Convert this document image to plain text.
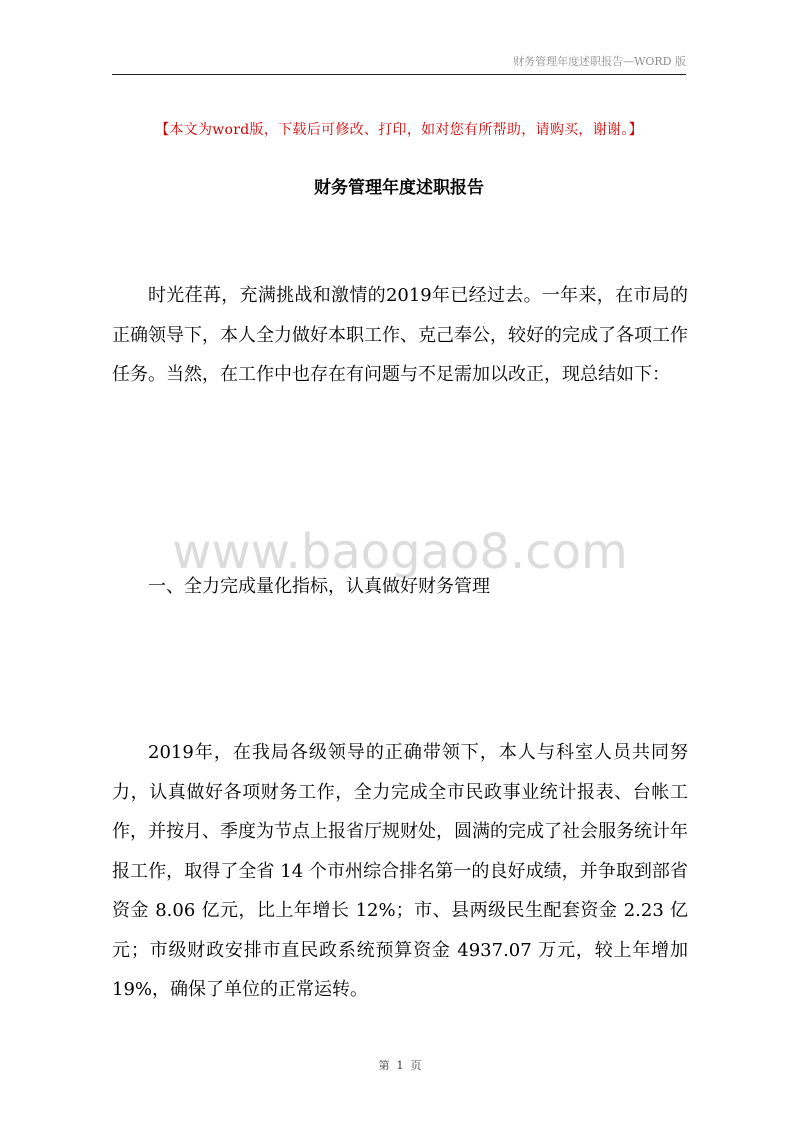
财务管理年度述职报告—WORD 版
【本文为word版，下载后可修改、打印，如对您有所帮助，请购买，谢谢。】
财务管理年度述职报告

时光荏苒，充满挑战和激情的2019年已经过去。一年来，在市局的正确领导下，本人全力做好本职工作、克己奉公，较好的完成了各项工作任务。当然，在工作中也存在有问题与不足需加以改正，现总结如下：

www.baogao8.com

一、全力完成量化指标，认真做好财务管理

2019年，在我局各级领导的正确带领下，本人与科室人员共同努力，认真做好各项财务工作，全力完成全市民政事业统计报表、台帐工作，并按月、季度为节点上报省厅规财处，圆满的完成了社会服务统计年报工作，取得了全省 14 个市州综合排名第一的良好成绩，并争取到部省资金 8.06 亿元，比上年增长 12%；市、县两级民生配套资金 2.23 亿元；市级财政安排市直民政系统预算资金 4937.07 万元，较上年增加 19%，确保了单位的正常运转。

第 1 页
